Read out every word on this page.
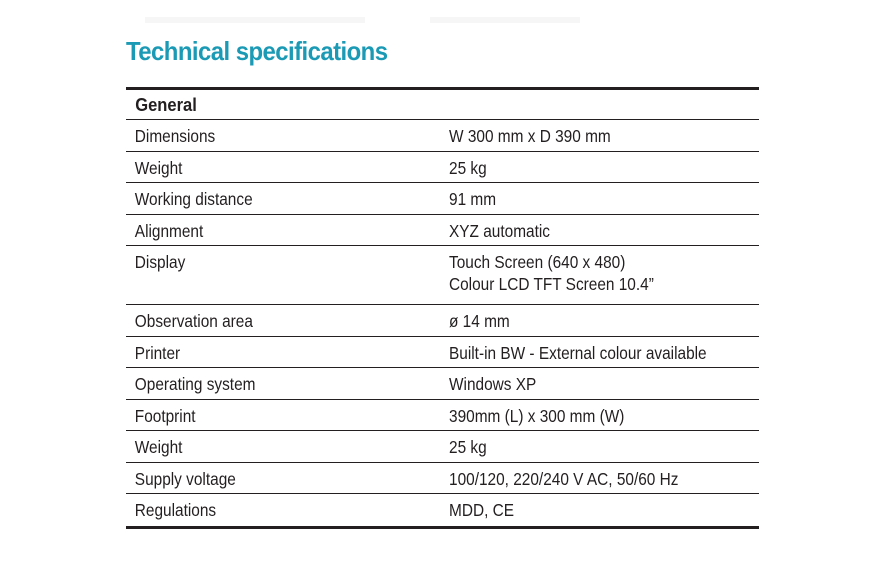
Technical specifications
General
Dimensions	W 300 mm x D 390 mm
Weight	25 kg
Working distance	91 mm
Alignment	XYZ automatic
Display	Touch Screen (640 x 480)
Colour LCD TFT Screen 10.4”
Observation area	ø 14 mm
Printer	Built-in BW - External colour available
Operating system	Windows XP
Footprint	390mm (L) x 300 mm (W)
Weight	25 kg
Supply voltage	100/120, 220/240 V AC, 50/60 Hz
Regulations	MDD, CE
